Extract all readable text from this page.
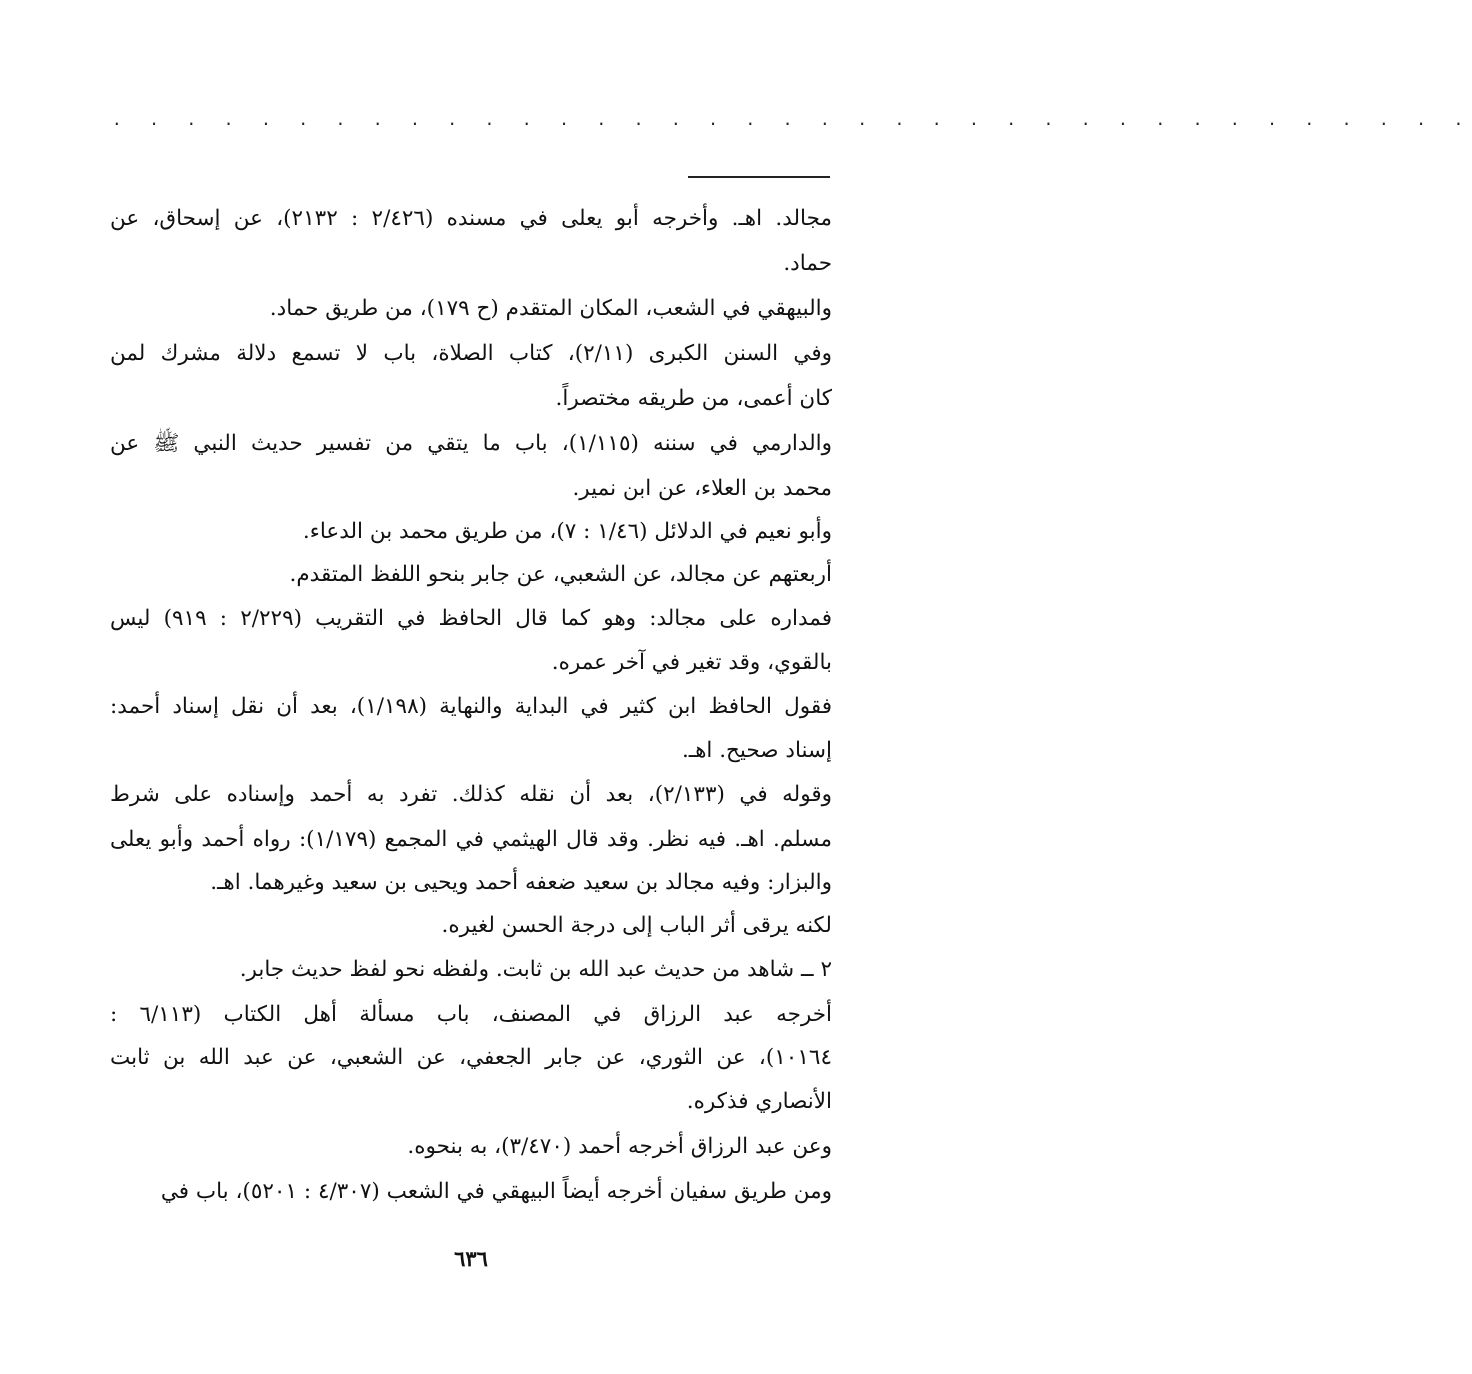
. . . . . . . . . . . . . . . . . . . . . . . . . . . . . . . . . . . . .
مجالد. اهـ. وأخرجه أبو يعلى في مسنده (٢/٤٢٦ : ٢١٣٢)، عن إسحاق، عن
حماد.
والبيهقي في الشعب، المكان المتقدم (ح ١٧٩)، من طريق حماد.
وفي السنن الكبرى (٢/١١)، كتاب الصلاة، باب لا تسمع دلالة مشرك لمن
كان أعمى، من طريقه مختصراً.
والدارمي في سننه (١/١١٥)، باب ما يتقي من تفسير حديث النبي ﷺ عن
محمد بن العلاء، عن ابن نمير.
وأبو نعيم في الدلائل (١/٤٦ : ٧)، من طريق محمد بن الدعاء.
أربعتهم عن مجالد، عن الشعبي، عن جابر بنحو اللفظ المتقدم.
فمداره على مجالد: وهو كما قال الحافظ في التقريب (٢/٢٢٩ : ٩١٩) ليس
بالقوي، وقد تغير في آخر عمره.
فقول الحافظ ابن كثير في البداية والنهاية (١/١٩٨)، بعد أن نقل إسناد أحمد:
إسناد صحيح. اهـ.
وقوله في (٢/١٣٣)، بعد أن نقله كذلك. تفرد به أحمد وإسناده على شرط
مسلم. اهـ. فيه نظر. وقد قال الهيثمي في المجمع (١/١٧٩): رواه أحمد وأبو يعلى
والبزار: وفيه مجالد بن سعيد ضعفه أحمد ويحيى بن سعيد وغيرهما. اهـ.
لكنه يرقى أثر الباب إلى درجة الحسن لغيره.
٢ ــ شاهد من حديث عبد الله بن ثابت. ولفظه نحو لفظ حديث جابر.
أخرجه عبد الرزاق في المصنف، باب مسألة أهل الكتاب (٦/١١٣ :
١٠١٦٤)، عن الثوري، عن جابر الجعفي، عن الشعبي، عن عبد الله بن ثابت
الأنصاري فذكره.
وعن عبد الرزاق أخرجه أحمد (٣/٤٧٠)، به بنحوه.
ومن طريق سفيان أخرجه أيضاً البيهقي في الشعب (٤/٣٠٧ : ٥٢٠١)، باب في
٦٣٦
